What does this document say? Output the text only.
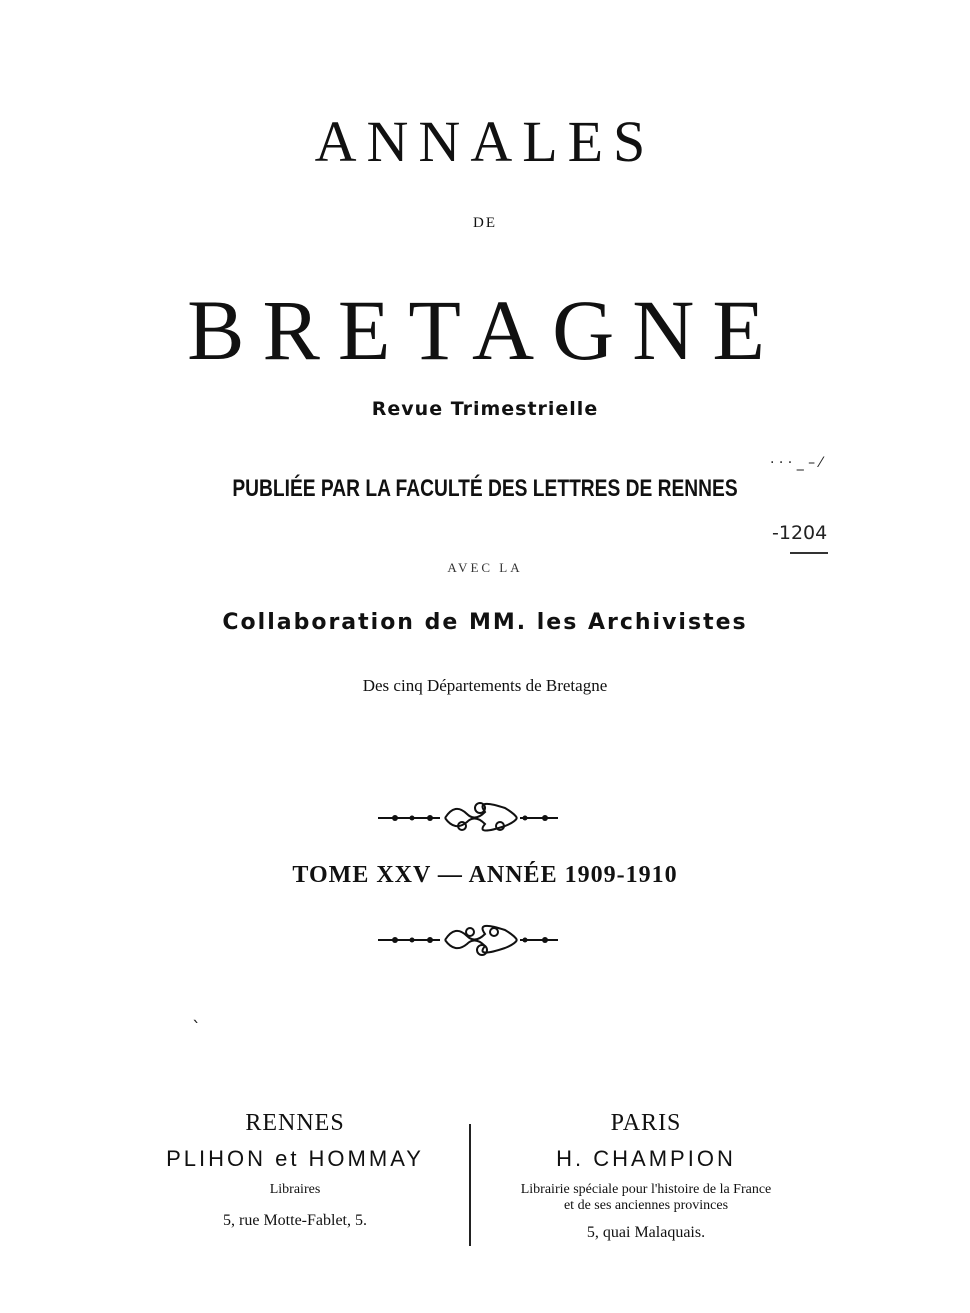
ANNALES
DE
BRETAGNE
Revue Trimestrielle
PUBLIÉE PAR LA FACULTÉ DES LETTRES DE RENNES
AVEC LA
Collaboration de MM. les Archivistes
Des cinq Départements de Bretagne
· · · _ – ⁄
-1204
TOME XXV — ANNÉE 1909-1910
ˋ
RENNES
PLIHON et HOMMAY
Libraires
5, rue Motte-Fablet, 5.
PARIS
H. CHAMPION
Librairie spéciale pour l'histoire de la France
et de ses anciennes provinces
5, quai Malaquais.
